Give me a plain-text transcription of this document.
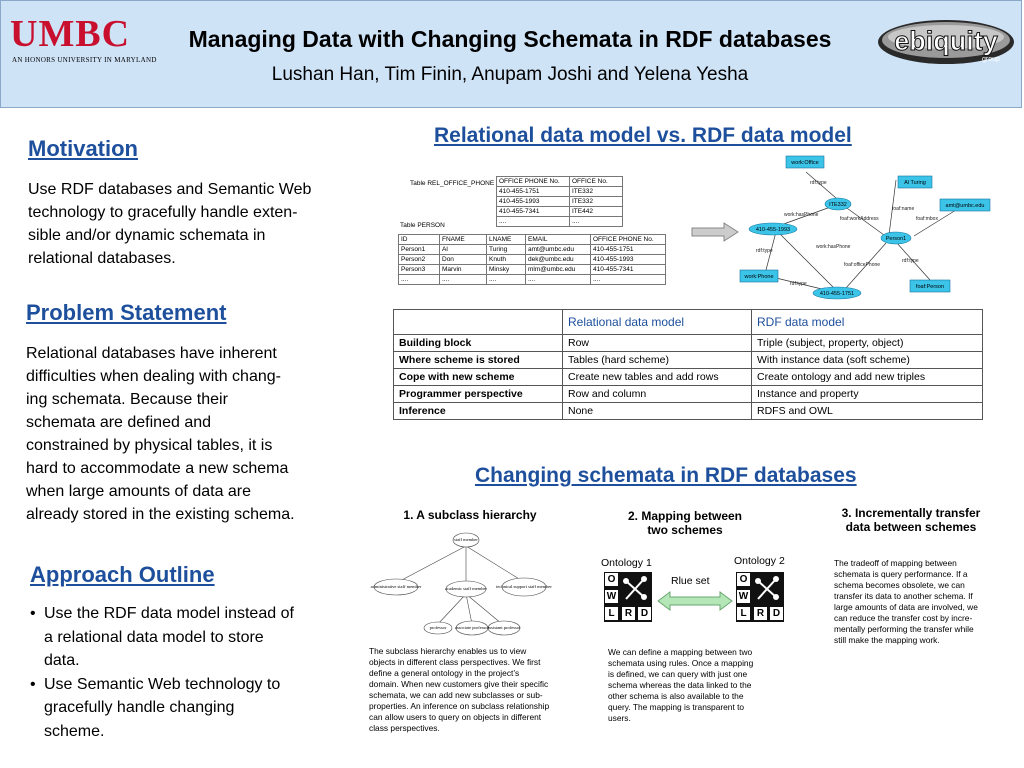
UMBC
AN HONORS UNIVERSITY IN MARYLAND
Managing Data with Changing Schemata in RDF databases
Lushan Han, Tim Finin, Anupam Joshi and Yelena Yesha
ebiquity
group
Motivation
Use RDF databases and Semantic Web
technology to gracefully handle exten-
sible and/or dynamic schemata in
relational databases.
Problem Statement
Relational databases have inherent
difficulties when dealing with chang-
ing schemata. Because their
schemata are defined and
constrained by physical tables, it is
hard to accommodate a new schema
when large amounts of data are
already stored in the existing schema.
Approach Outline
• Use the RDF data model instead of
a relational data model to store
data.
• Use Semantic Web technology to
gracefully handle changing
scheme.
Relational data model vs. RDF data model
Table REL_OFFICE_PHONE OFFICE PHONE No.	OFFICE No.
410-455-1751	ITE332
410-455-1993	ITE332
410-455-7341	ITE442
....	....
Table PERSON
ID	FNAME	LNAME	EMAIL	OFFICE PHONE No.
Person1	Al	Turing	amt@umbc.edu	410-455-1751
Person2	Don	Knuth	dek@umbc.edu	410-455-1993
Person3	Marvin	Minsky	mlm@umbc.edu	410-455-7341
....	....	....	....	....
work:Office
ITE332
410-455-1993
Al Turing
amt@umbc.edu
Person1
work:Phone
410-455-1751
foaf:Person
rdf:type
work:hasPhone
foaf:workAddress
foaf:name
foaf:mbox
rdf:type
work:hasPhone
foaf:officePhone
rdf:type
rdf:type
	Relational data model	RDF data model
Building block	Row	Triple (subject, property, object)
Where scheme is stored	Tables (hard scheme)	With instance data (soft scheme)
Cope with new scheme	Create new tables and add rows	Create ontology and add new triples
Programmer perspective	Row and column	Instance and property
Inference	None	RDFS and OWL
Changing schemata in RDF databases
1. A subclass hierarchy
staff member
administrative staff member	academic staff member technical support staff member
professor associate professor
assistant professor
The subclass hierarchy enables us to view
objects in different class perspectives. We first
define a general ontology in the project’s
domain. When new customers give their specific
schemata, we can add new subclasses or sub-
properties. An inference on subclass relationship
can allow users to query on objects in different
class perspectives.
2. Mapping between
two schemes
Ontology 1	Ontology 2
O
W
L	R D
O
W
L	R D
Rlue set
We can define a mapping between two
schemata using rules. Once a mapping
is defined, we can query with just one
schema whereas the data linked to the
other schema is also available to the
query. The mapping is transparent to
users.
3. Incrementally transfer
data between schemes
The tradeoff of mapping between
schemata is query performance. If a
schema becomes obsolete, we can
transfer its data to another schema. If
large amounts of data are involved, we
can reduce the transfer cost by incre-
mentally performing the transfer while
still make the mapping work.
